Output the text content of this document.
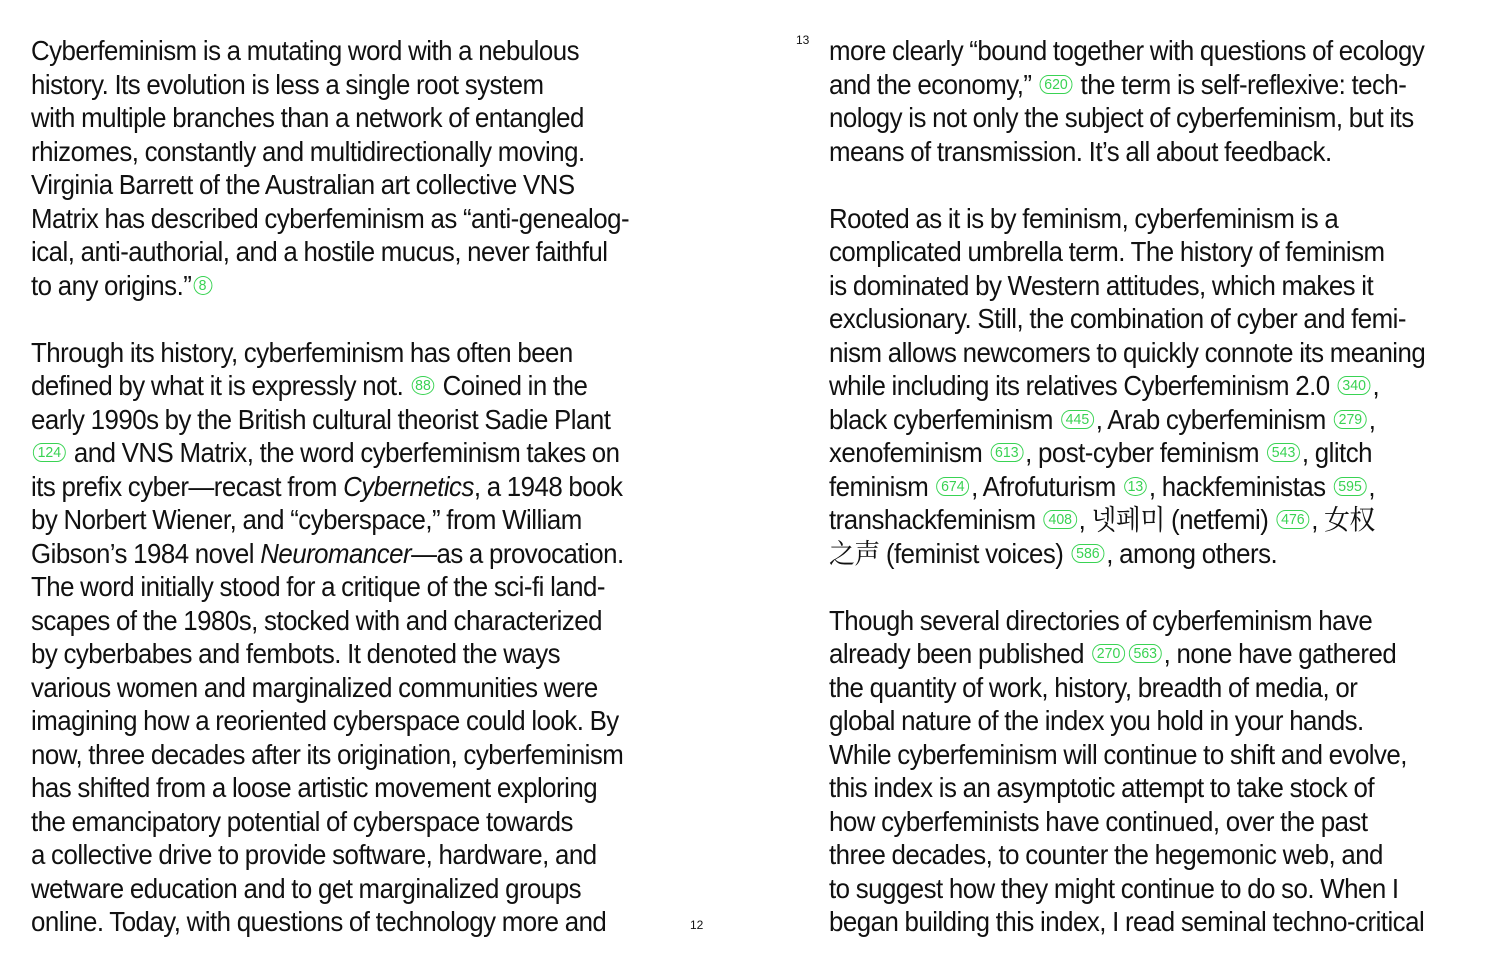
Cyberfeminism is a mutating word with a nebulous
history. Its evolution is less a single root system
with multiple branches than a network of entangled
rhizomes, constantly and multidirectionally moving.
Virginia Barrett of the Australian art collective VNS
Matrix has described cyberfeminism as “anti-genealog-
ical, anti-authorial, and a hostile mucus, never faithful
to any origins.” 8
Through its history, cyberfeminism has often been
defined by what it is expressly not. 88 Coined in the
early 1990s by the British cultural theorist Sadie Plant
124 and VNS Matrix, the word cyberfeminism takes on
its prefix cyber—recast from Cybernetics, a 1948 book
by Norbert Wiener, and “cyberspace,” from William
Gibson’s 1984 novel Neuromancer—as a provocation.
The word initially stood for a critique of the sci-fi land-
scapes of the 1980s, stocked with and characterized
by cyberbabes and fembots. It denoted the ways
various women and marginalized communities were
imagining how a reoriented cyberspace could look. By
now, three decades after its origination, cyberfeminism
has shifted from a loose artistic movement exploring
the emancipatory potential of cyberspace towards
a collective drive to provide software, hardware, and
wetware education and to get marginalized groups
online. Today, with questions of technology more and	12
13 more clearly “bound together with questions of ecology
and the economy,” 620 the term is self-reflexive: tech-
nology is not only the subject of cyberfeminism, but its
means of transmission. It’s all about feedback.
Rooted as it is by feminism, cyberfeminism is a
complicated umbrella term. The history of feminism
is dominated by Western attitudes, which makes it
exclusionary. Still, the combination of cyber and femi-
nism allows newcomers to quickly connote its meaning
while including its relatives Cyberfeminism 2.0 340 ,
black cyberfeminism 445 , Arab cyberfeminism 279 ,
xenofeminism 613 , post-cyber feminism 543 , glitch
feminism 674 , Afrofuturism 13 , hackfeministas 595 ,
transhackfeminism 408 , 넷페미 (netfemi) 476 , 女权
之声 (feminist voices) 586 , among others.
Though several directories of cyberfeminism have
already been published 270 563 , none have gathered
the quantity of work, history, breadth of media, or
global nature of the index you hold in your hands.
While cyberfeminism will continue to shift and evolve,
this index is an asymptotic attempt to take stock of
how cyberfeminists have continued, over the past
three decades, to counter the hegemonic web, and
to suggest how they might continue to do so. When I
began building this index, I read seminal techno-critical
